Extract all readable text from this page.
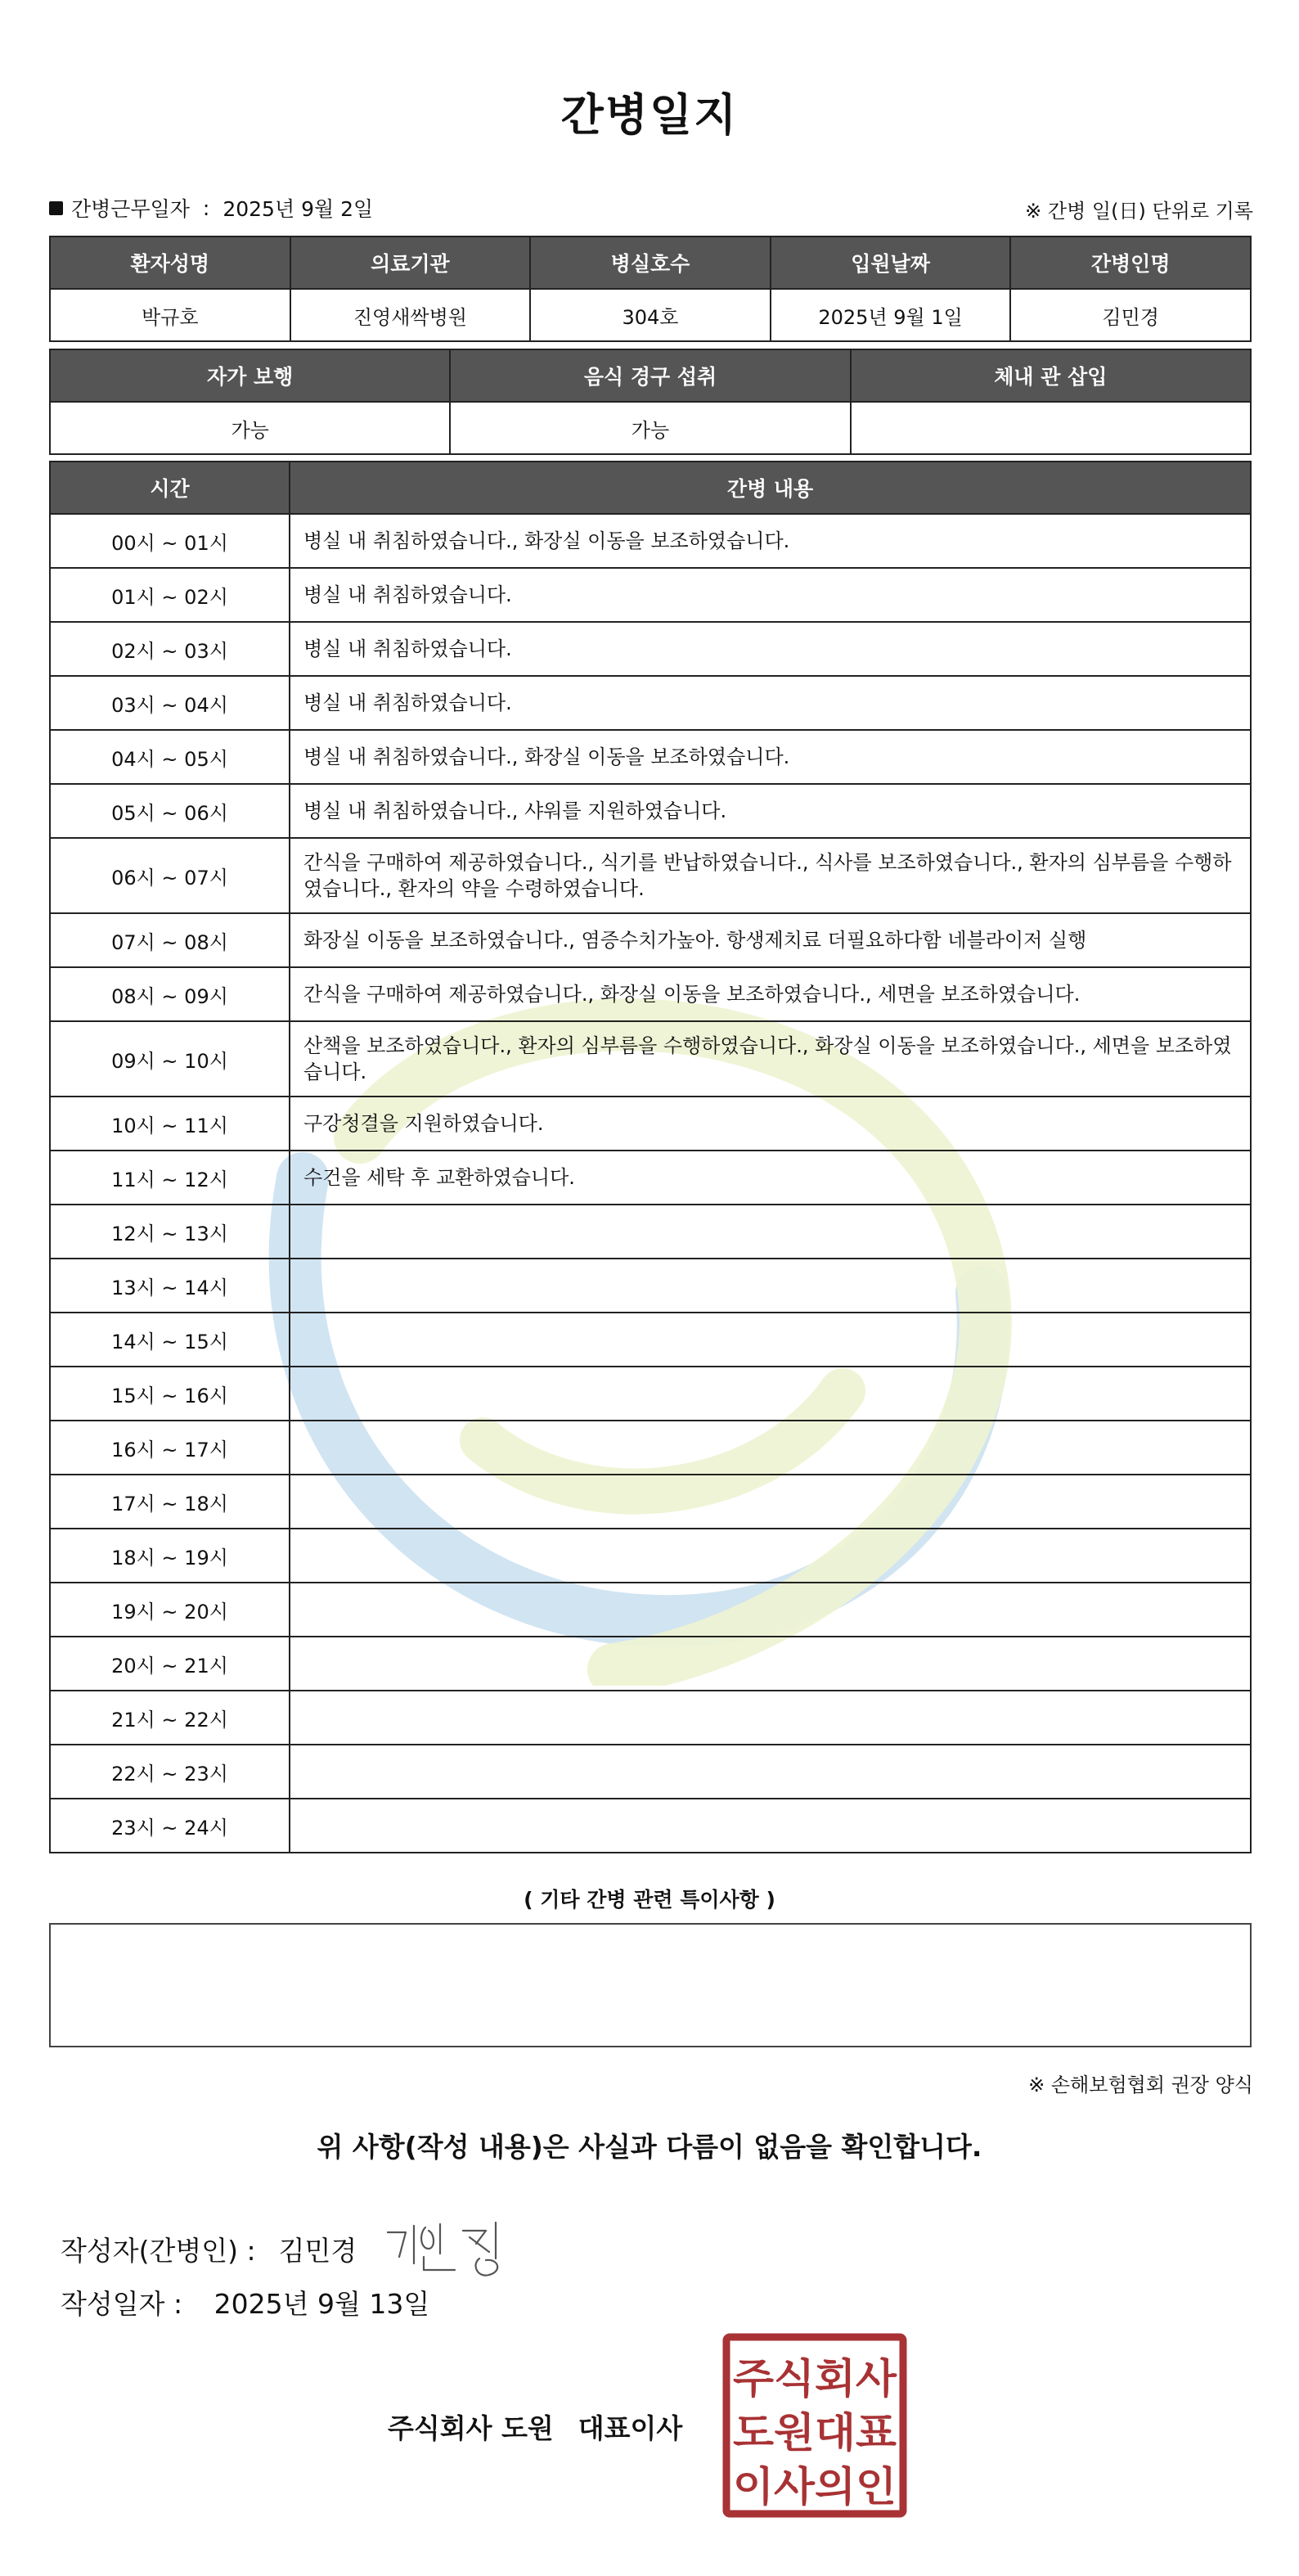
간병일지
간병근무일자 : 2025년 9월 2일	※ 간병 일(日) 단위로 기록
환자성명	의료기관	병실호수	입원날짜	간병인명
박규호	진영새싹병원	304호	2025년 9월 1일	김민경
자가 보행	음식 경구 섭취	체내 관 삽입
가능	가능	
시간	간병 내용
00시 ~ 01시	병실 내 취침하였습니다., 화장실 이동을 보조하였습니다.
01시 ~ 02시	병실 내 취침하였습니다.
02시 ~ 03시	병실 내 취침하였습니다.
03시 ~ 04시	병실 내 취침하였습니다.
04시 ~ 05시	병실 내 취침하였습니다., 화장실 이동을 보조하였습니다.
05시 ~ 06시	병실 내 취침하였습니다., 샤워를 지원하였습니다.
06시 ~ 07시	간식을 구매하여 제공하였습니다., 식기를 반납하였습니다., 식사를 보조하였습니다., 환자의 심부름을 수행하였습니다., 환자의 약을 수령하였습니다.
07시 ~ 08시	화장실 이동을 보조하였습니다., 염증수치가높아. 항생제치료 더필요하다함 네블라이저 실행
08시 ~ 09시	간식을 구매하여 제공하였습니다., 화장실 이동을 보조하였습니다., 세면을 보조하였습니다.
09시 ~ 10시	산책을 보조하였습니다., 환자의 심부름을 수행하였습니다., 화장실 이동을 보조하였습니다., 세면을 보조하였습니다.
10시 ~ 11시	구강청결을 지원하였습니다.
11시 ~ 12시	수건을 세탁 후 교환하였습니다.
12시 ~ 13시	
13시 ~ 14시	
14시 ~ 15시	
15시 ~ 16시	
16시 ~ 17시	
17시 ~ 18시	
18시 ~ 19시	
19시 ~ 20시	
20시 ~ 21시	
21시 ~ 22시	
22시 ~ 23시	
23시 ~ 24시	
( 기타 간병 관련 특이사항 )
※ 손해보험협회 권장 양식
위 사항(작성 내용)은 사실과 다름이 없음을 확인합니다.
작성자(간병인) : 김민경
작성일자 : 2025년 9월 13일
주식회사 도원 대표이사
주식회사
도원대표
이사의인
